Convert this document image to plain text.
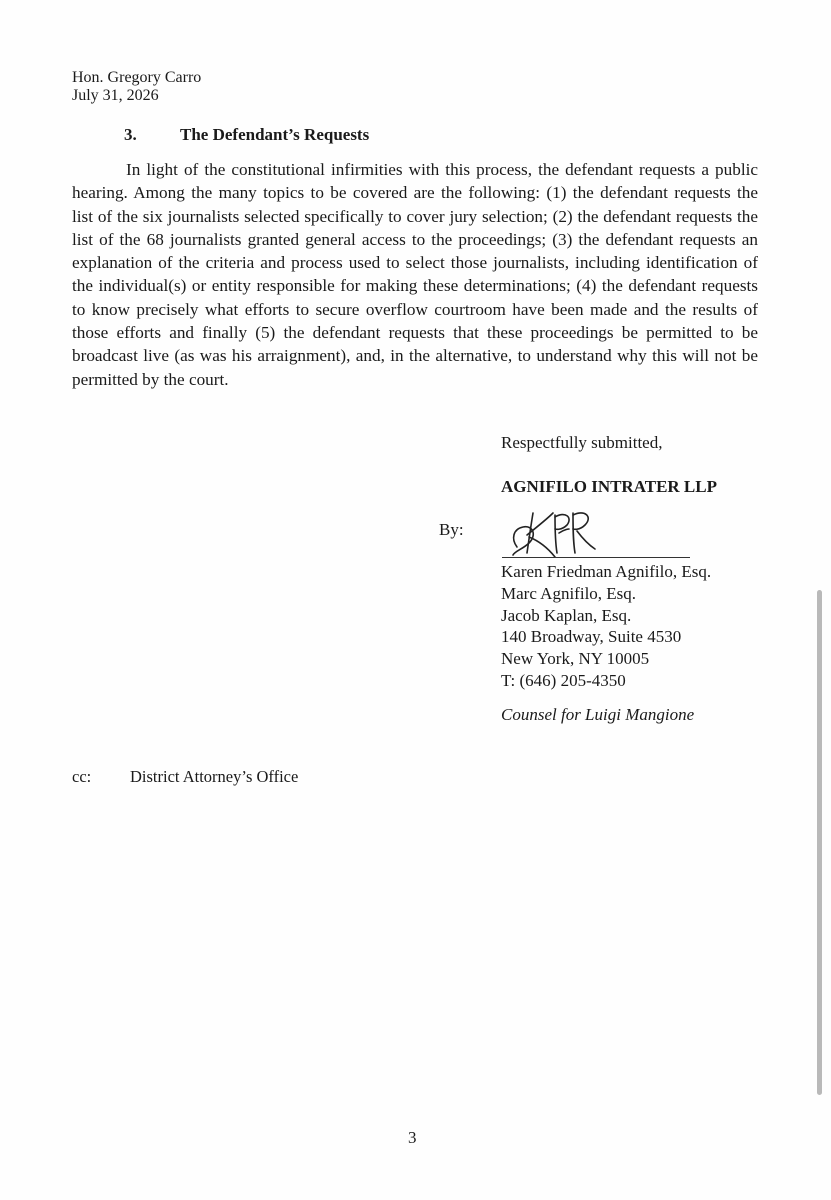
Hon. Gregory Carro
July 31, 2026
3.	The Defendant’s Requests
In light of the constitutional infirmities with this process, the defendant requests a public
hearing. Among the many topics to be covered are the following: (1) the defendant requests the
list of the six journalists selected specifically to cover jury selection; (2) the defendant requests the
list of the 68 journalists granted general access to the proceedings; (3) the defendant requests an
explanation of the criteria and process used to select those journalists, including identification of
the individual(s) or entity responsible for making these determinations; (4) the defendant requests
to know precisely what efforts to secure overflow courtroom have been made and the results of
those efforts and finally (5) the defendant requests that these proceedings be permitted to be
broadcast live (as was his arraignment), and, in the alternative, to understand why this will not be
permitted by the court.
Respectfully submitted,
AGNIFILO INTRATER LLP
By:
Karen Friedman Agnifilo, Esq.
Marc Agnifilo, Esq.
Jacob Kaplan, Esq.
140 Broadway, Suite 4530
New York, NY 10005
T: (646) 205-4350
Counsel for Luigi Mangione
cc: District Attorney’s Office
3
